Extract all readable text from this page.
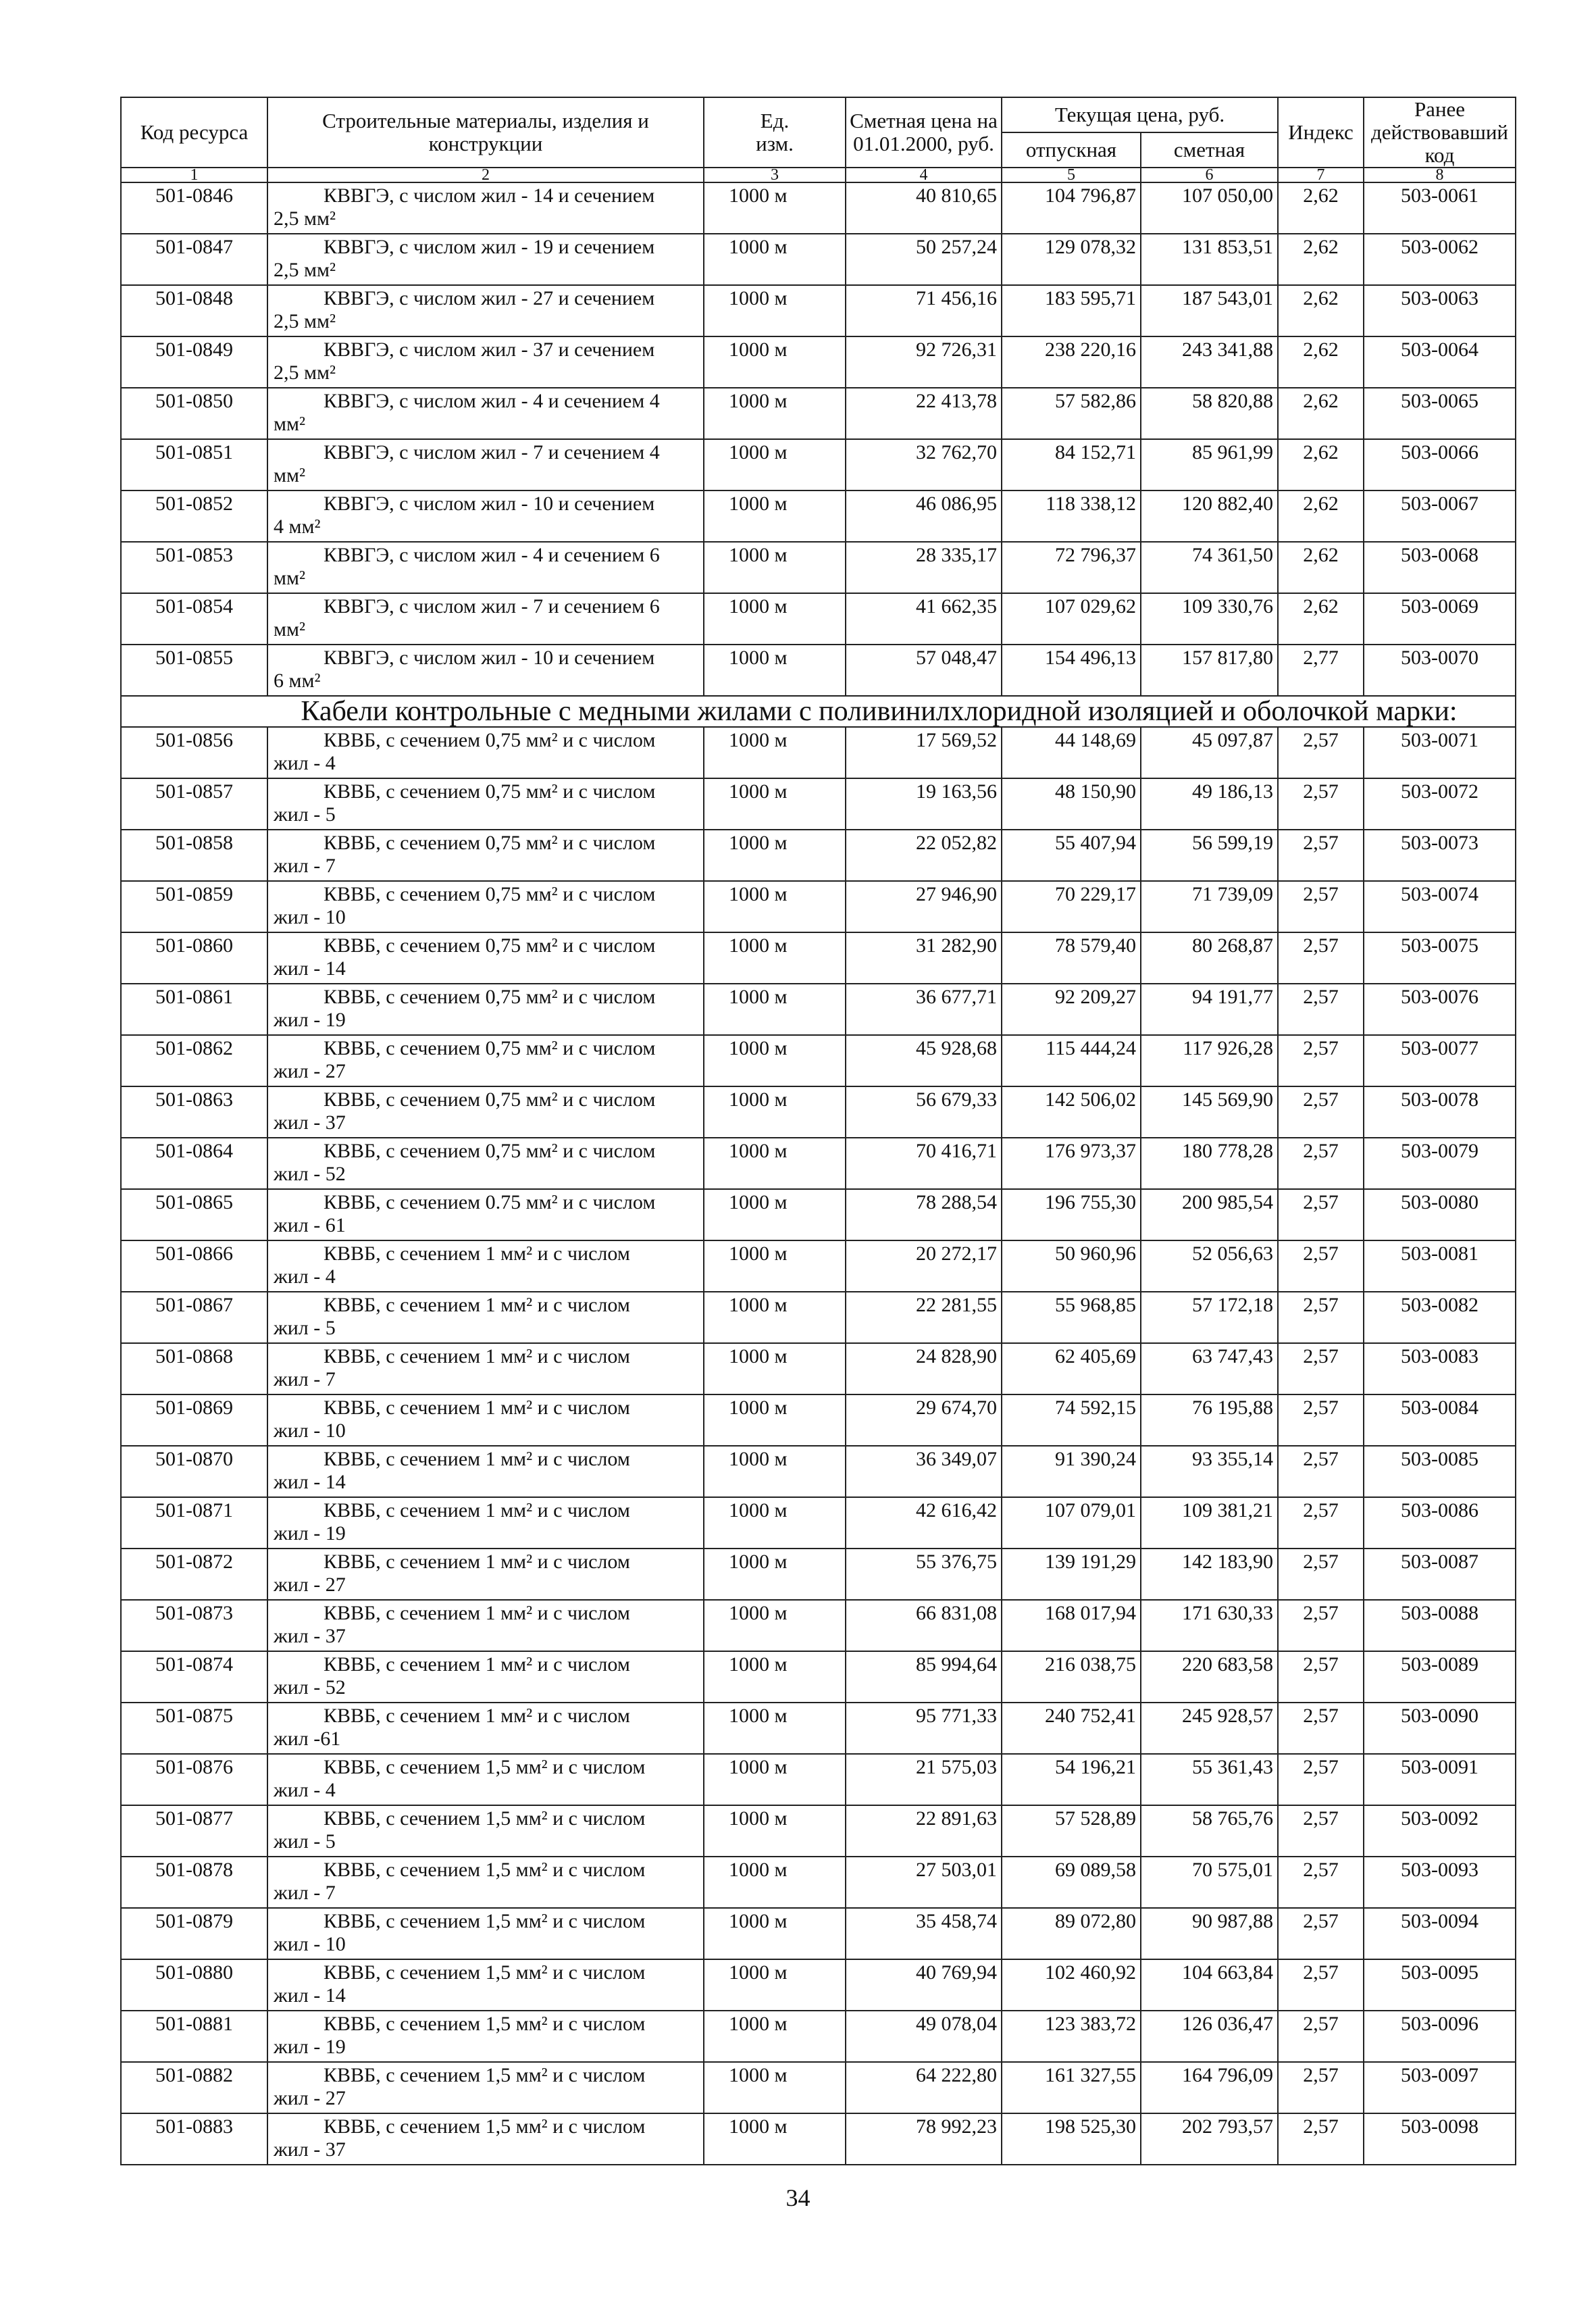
Код ресурса	Строительные материалы, изделия и конструкции	Ед.
изм.	Сметная цена на
01.01.2000, руб.	Текущая цена, руб.		Индекс	Ранее действовавший код
				отпускная	сметная		
1	2	3	4	5	6	7	8
501-0846	КВВГЭ, с числом жил - 14 и сечением
2,5 мм²	1000 м	40 810,65	104 796,87	107 050,00	2,62	503-0061
501-0847	КВВГЭ, с числом жил - 19 и сечением
2,5 мм²	1000 м	50 257,24	129 078,32	131 853,51	2,62	503-0062
501-0848	КВВГЭ, с числом жил - 27 и сечением
2,5 мм²	1000 м	71 456,16	183 595,71	187 543,01	2,62	503-0063
501-0849	КВВГЭ, с числом жил - 37 и сечением
2,5 мм²	1000 м	92 726,31	238 220,16	243 341,88	2,62	503-0064
501-0850	КВВГЭ, с числом жил - 4 и сечением 4
мм²	1000 м	22 413,78	57 582,86	58 820,88	2,62	503-0065
501-0851	КВВГЭ, с числом жил - 7 и сечением 4
мм²	1000 м	32 762,70	84 152,71	85 961,99	2,62	503-0066
501-0852	КВВГЭ, с числом жил - 10 и сечением
4 мм²	1000 м	46 086,95	118 338,12	120 882,40	2,62	503-0067
501-0853	КВВГЭ, с числом жил - 4 и сечением 6
мм²	1000 м	28 335,17	72 796,37	74 361,50	2,62	503-0068
501-0854	КВВГЭ, с числом жил - 7 и сечением 6
мм²	1000 м	41 662,35	107 029,62	109 330,76	2,62	503-0069
501-0855	КВВГЭ, с числом жил - 10 и сечением
6 мм²	1000 м	57 048,47	154 496,13	157 817,80	2,77	503-0070
Кабели контрольные с медными жилами с поливинилхлоридной изоляцией и оболочкой марки:							
501-0856	КВВБ, с сечением 0,75 мм² и с числом
жил - 4	1000 м	17 569,52	44 148,69	45 097,87	2,57	503-0071
501-0857	КВВБ, с сечением 0,75 мм² и с числом
жил - 5	1000 м	19 163,56	48 150,90	49 186,13	2,57	503-0072
501-0858	КВВБ, с сечением 0,75 мм² и с числом
жил - 7	1000 м	22 052,82	55 407,94	56 599,19	2,57	503-0073
501-0859	КВВБ, с сечением 0,75 мм² и с числом
жил - 10	1000 м	27 946,90	70 229,17	71 739,09	2,57	503-0074
501-0860	КВВБ, с сечением 0,75 мм² и с числом
жил - 14	1000 м	31 282,90	78 579,40	80 268,87	2,57	503-0075
501-0861	КВВБ, с сечением 0,75 мм² и с числом
жил - 19	1000 м	36 677,71	92 209,27	94 191,77	2,57	503-0076
501-0862	КВВБ, с сечением 0,75 мм² и с числом
жил - 27	1000 м	45 928,68	115 444,24	117 926,28	2,57	503-0077
501-0863	КВВБ, с сечением 0,75 мм² и с числом
жил - 37	1000 м	56 679,33	142 506,02	145 569,90	2,57	503-0078
501-0864	КВВБ, с сечением 0,75 мм² и с числом
жил - 52	1000 м	70 416,71	176 973,37	180 778,28	2,57	503-0079
501-0865	КВВБ, с сечением 0.75 мм² и с числом
жил - 61	1000 м	78 288,54	196 755,30	200 985,54	2,57	503-0080
501-0866	КВВБ, с сечением 1 мм² и с числом
жил - 4	1000 м	20 272,17	50 960,96	52 056,63	2,57	503-0081
501-0867	КВВБ, с сечением 1 мм² и с числом
жил - 5	1000 м	22 281,55	55 968,85	57 172,18	2,57	503-0082
501-0868	КВВБ, с сечением 1 мм² и с числом
жил - 7	1000 м	24 828,90	62 405,69	63 747,43	2,57	503-0083
501-0869	КВВБ, с сечением 1 мм² и с числом
жил - 10	1000 м	29 674,70	74 592,15	76 195,88	2,57	503-0084
501-0870	КВВБ, с сечением 1 мм² и с числом
жил - 14	1000 м	36 349,07	91 390,24	93 355,14	2,57	503-0085
501-0871	КВВБ, с сечением 1 мм² и с числом
жил - 19	1000 м	42 616,42	107 079,01	109 381,21	2,57	503-0086
501-0872	КВВБ, с сечением 1 мм² и с числом
жил - 27	1000 м	55 376,75	139 191,29	142 183,90	2,57	503-0087
501-0873	КВВБ, с сечением 1 мм² и с числом
жил - 37	1000 м	66 831,08	168 017,94	171 630,33	2,57	503-0088
501-0874	КВВБ, с сечением 1 мм² и с числом
жил - 52	1000 м	85 994,64	216 038,75	220 683,58	2,57	503-0089
501-0875	КВВБ, с сечением 1 мм² и с числом
жил -61	1000 м	95 771,33	240 752,41	245 928,57	2,57	503-0090
501-0876	КВВБ, с сечением 1,5 мм² и с числом
жил - 4	1000 м	21 575,03	54 196,21	55 361,43	2,57	503-0091
501-0877	КВВБ, с сечением 1,5 мм² и с числом
жил - 5	1000 м	22 891,63	57 528,89	58 765,76	2,57	503-0092
501-0878	КВВБ, с сечением 1,5 мм² и с числом
жил - 7	1000 м	27 503,01	69 089,58	70 575,01	2,57	503-0093
501-0879	КВВБ, с сечением 1,5 мм² и с числом
жил - 10	1000 м	35 458,74	89 072,80	90 987,88	2,57	503-0094
501-0880	КВВБ, с сечением 1,5 мм² и с числом
жил - 14	1000 м	40 769,94	102 460,92	104 663,84	2,57	503-0095
501-0881	КВВБ, с сечением 1,5 мм² и с числом
жил - 19	1000 м	49 078,04	123 383,72	126 036,47	2,57	503-0096
501-0882	КВВБ, с сечением 1,5 мм² и с числом
жил - 27	1000 м	64 222,80	161 327,55	164 796,09	2,57	503-0097
501-0883	КВВБ, с сечением 1,5 мм² и с числом
жил - 37	1000 м	78 992,23	198 525,30	202 793,57	2,57	503-0098
34
